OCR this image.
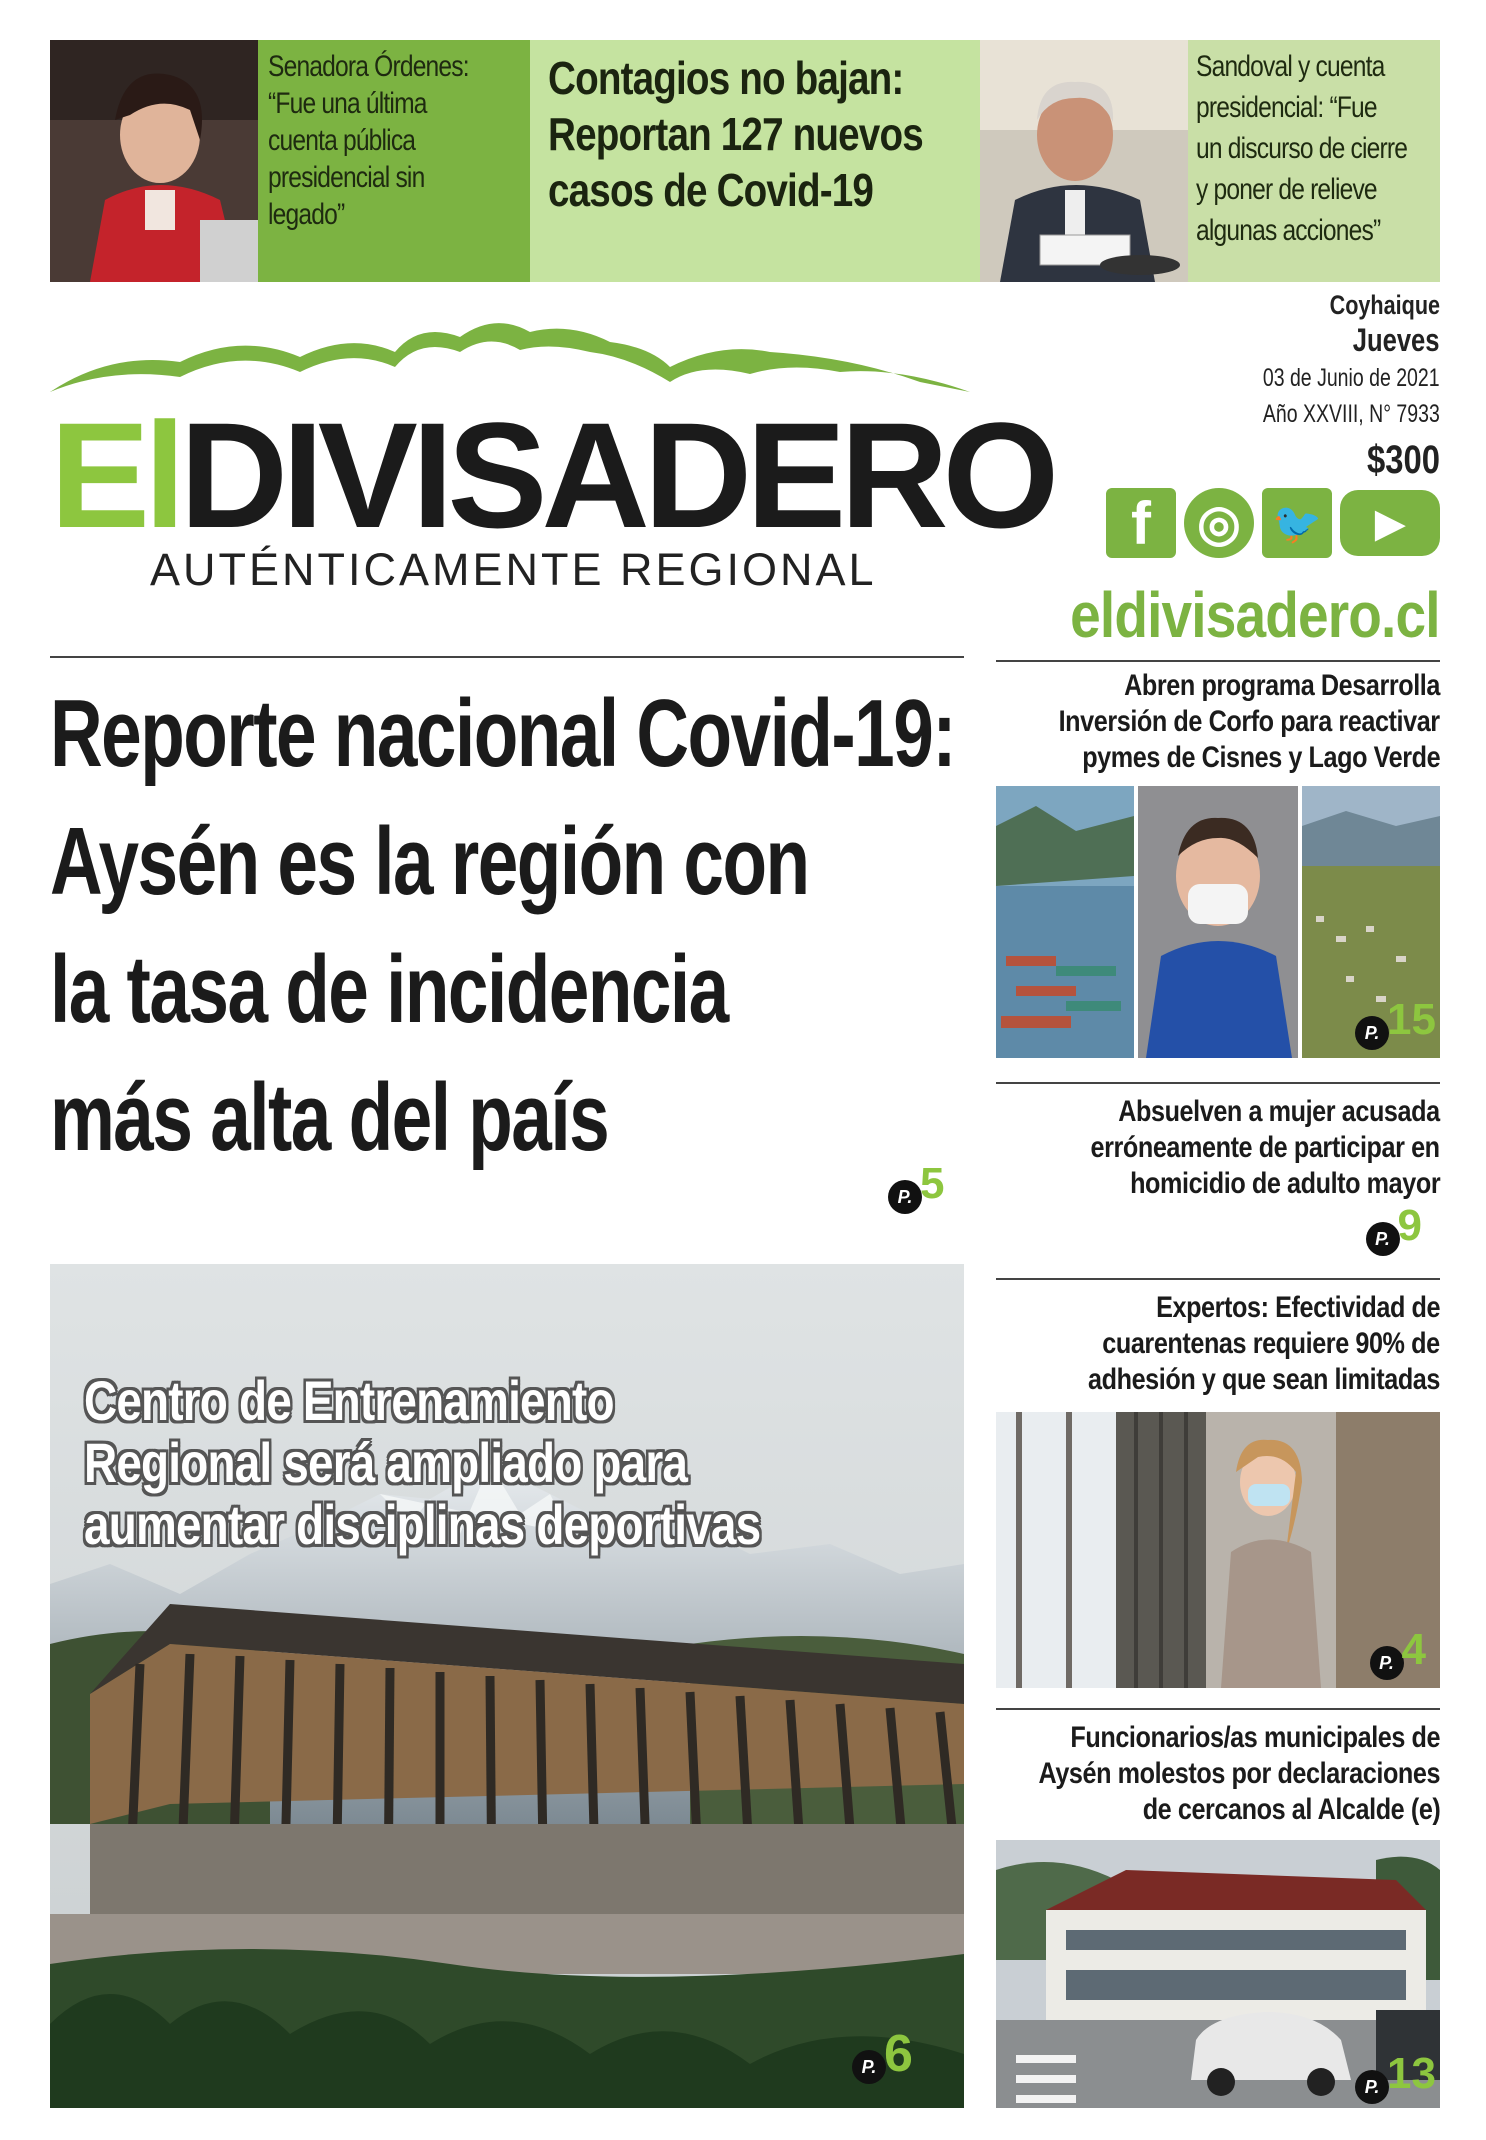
Senadora Órdenes:
“Fue una última
cuenta pública
presidencial sin
legado”
Contagios no bajan:
Reportan 127 nuevos
casos de Covid-19
Sandoval y cuenta
presidencial: “Fue
un discurso de cierre
y poner de relieve
algunas acciones”
ElDIVISADERO
AUTÉNTICAMENTE REGIONAL
Coyhaique
Jueves
03 de Junio de 2021
Año XXVIII, N° 7933
$300
f ◎ 🐦 ▶
eldivisadero.cl
Reporte nacional Covid-19:
Aysén es la región con
la tasa de incidencia
más alta del país
P. 5
Centro de Entrenamiento
Regional será ampliado para
aumentar disciplinas deportivas
P. 6
Abren programa Desarrolla
Inversión de Corfo para reactivar
pymes de Cisnes y Lago Verde
P. 15
Absuelven a mujer acusada
erróneamente de participar en
homicidio de adulto mayor
P. 9
Expertos: Efectividad de
cuarentenas requiere 90% de
adhesión y que sean limitadas
P. 4
Funcionarios/as municipales de
Aysén molestos por declaraciones
de cercanos al Alcalde (e)
P. 13
